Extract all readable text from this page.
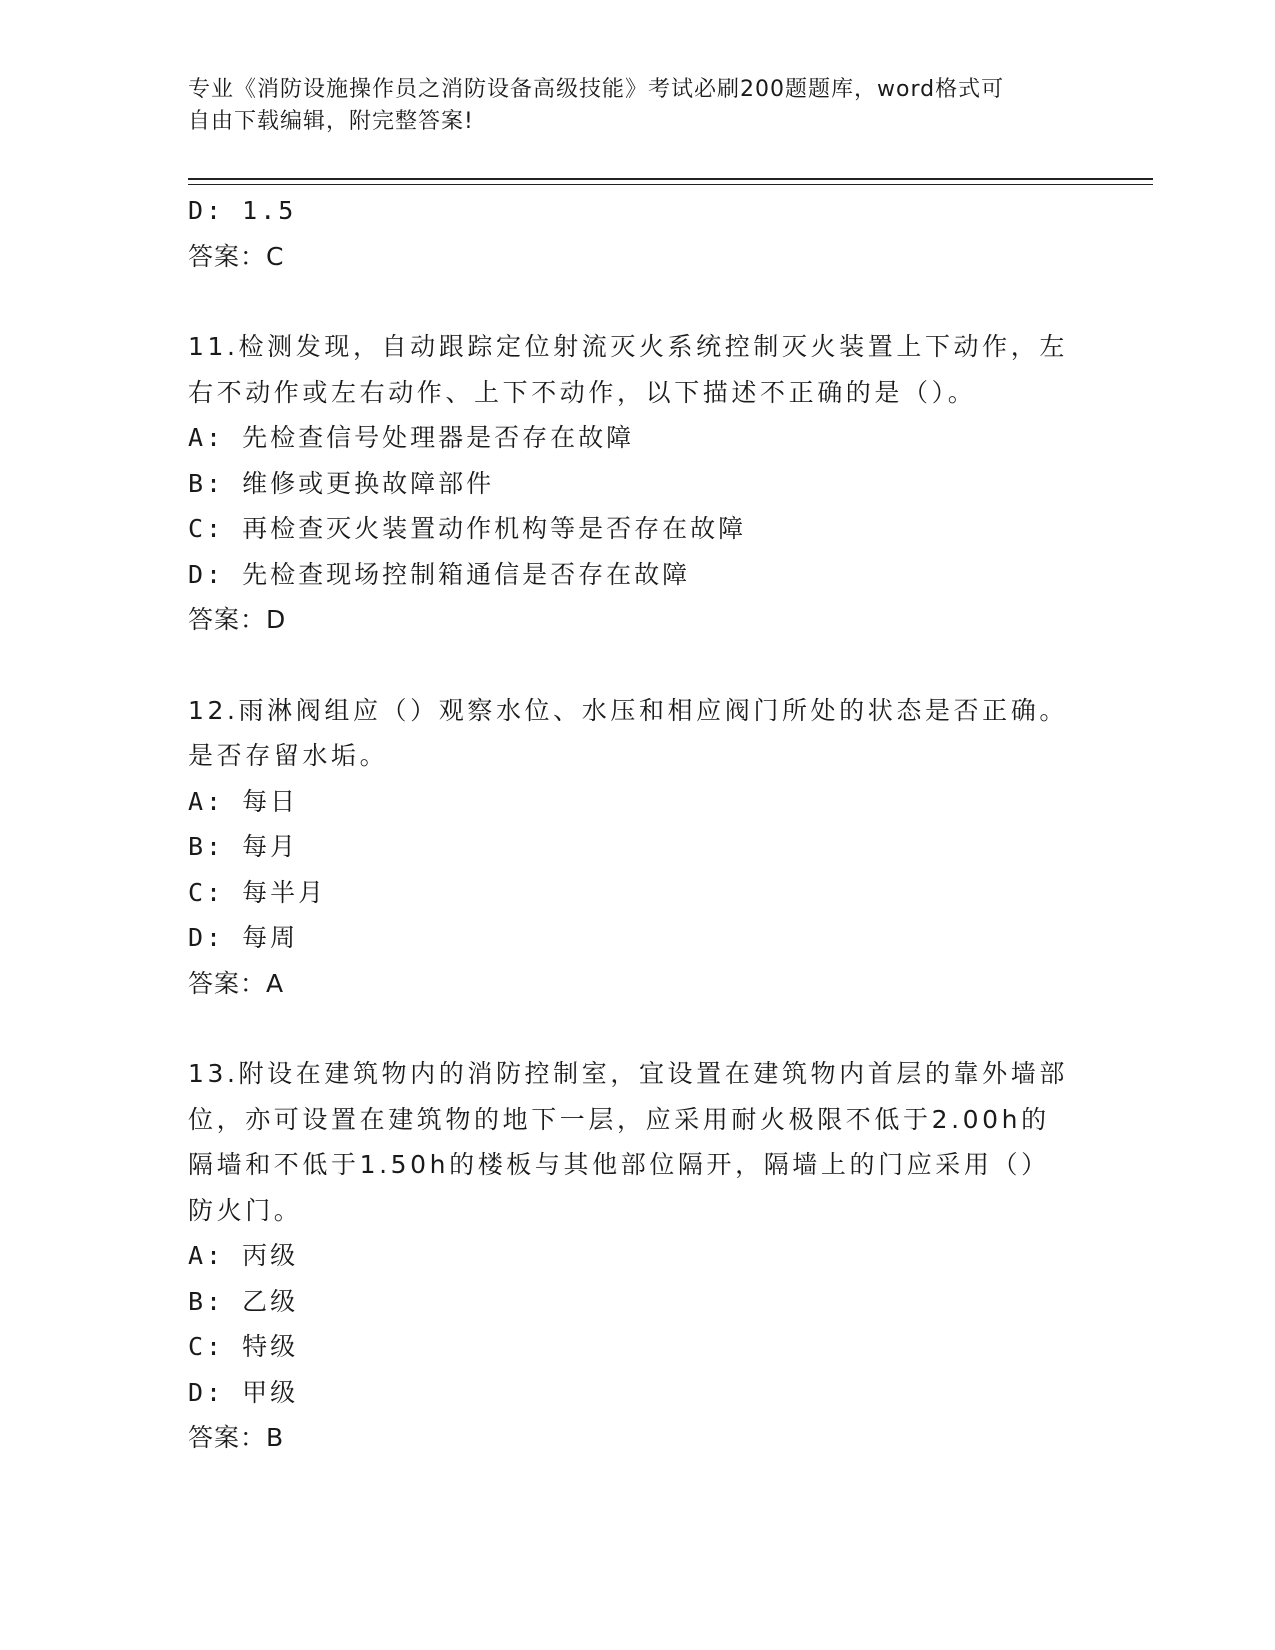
专业《消防设施操作员之消防设备高级技能》考试必刷200题题库，word格式可
自由下载编辑，附完整答案!
D: 1.5
答案：C
11.检测发现，自动跟踪定位射流灭火系统控制灭火装置上下动作，左
右不动作或左右动作、上下不动作，以下描述不正确的是（）。
A: 先检查信号处理器是否存在故障
B: 维修或更换故障部件
C: 再检查灭火装置动作机构等是否存在故障
D: 先检查现场控制箱通信是否存在故障
答案：D
12.雨淋阀组应（）观察水位、水压和相应阀门所处的状态是否正确。
是否存留水垢。
A: 每日
B: 每月
C: 每半月
D: 每周
答案：A
13.附设在建筑物内的消防控制室，宜设置在建筑物内首层的靠外墙部
位，亦可设置在建筑物的地下一层，应采用耐火极限不低于2.00h的
隔墙和不低于1.50h的楼板与其他部位隔开，隔墙上的门应采用（）
防火门。
A: 丙级
B: 乙级
C: 特级
D: 甲级
答案：B
